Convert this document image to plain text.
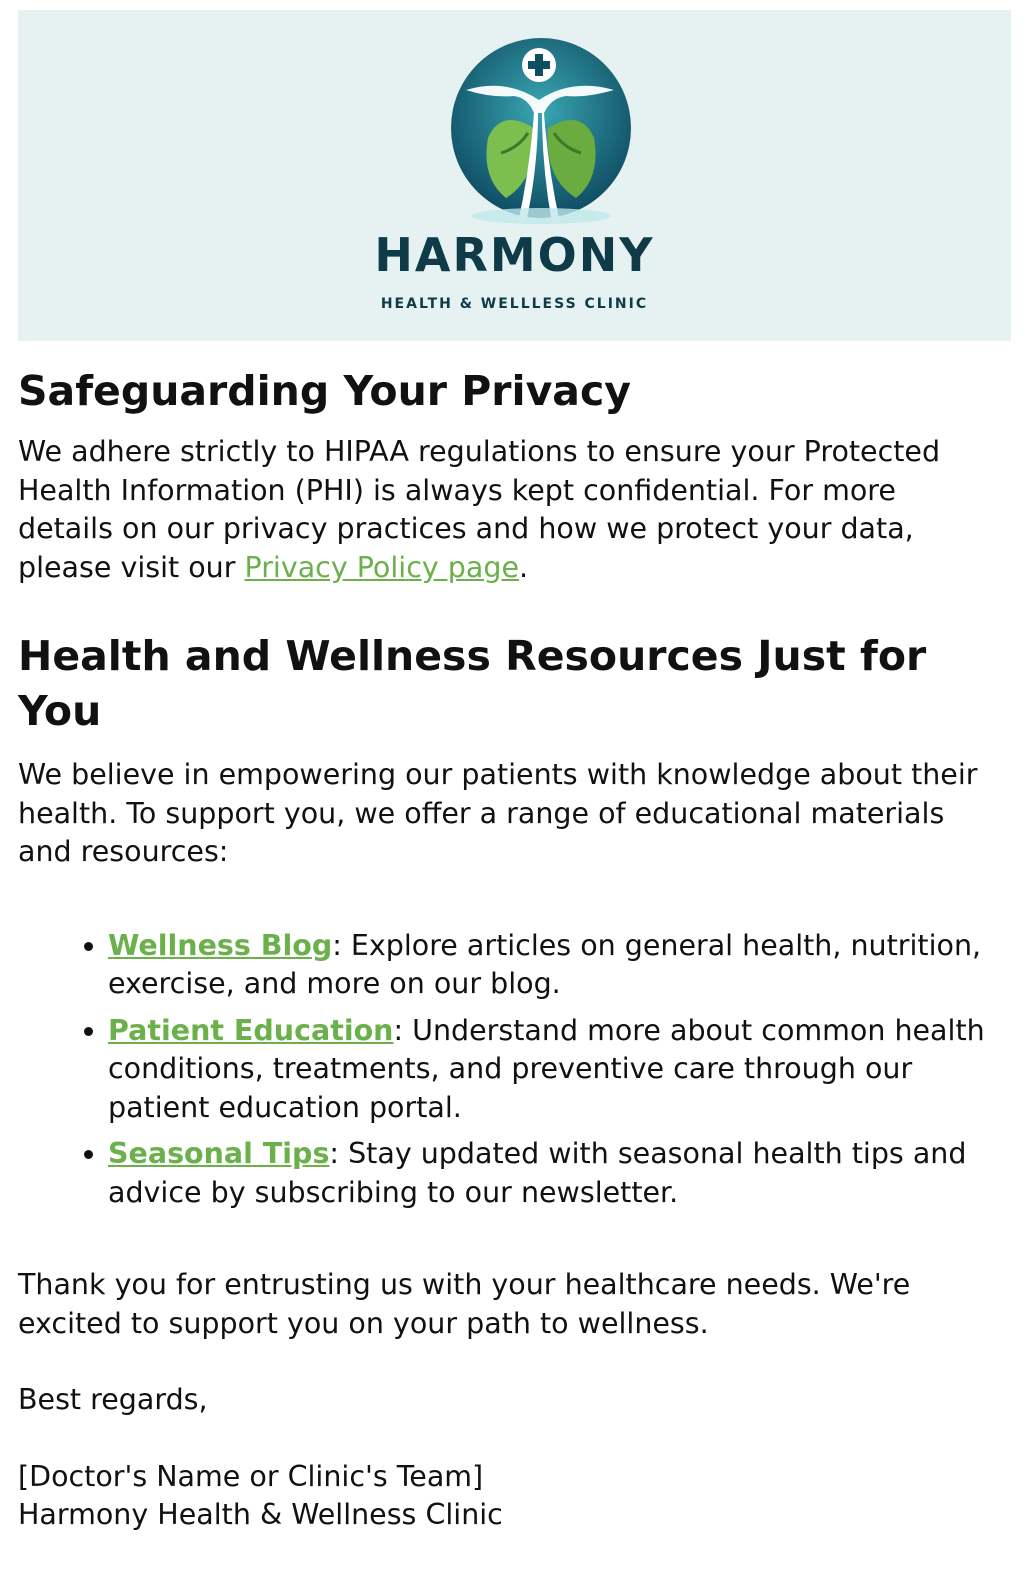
HARMONY
HEALTH & WELLLESS CLINIC
Safeguarding Your Privacy

We adhere strictly to HIPAA regulations to ensure your Protected Health Information (PHI) is always kept confidential. For more details on our privacy practices and how we protect your data, please visit our Privacy Policy page.

Health and Wellness Resources Just for You

We believe in empowering our patients with knowledge about their health. To support you, we offer a range of educational materials and resources:

• Wellness Blog: Explore articles on general health, nutrition, exercise, and more on our blog.
• Patient Education: Understand more about common health conditions, treatments, and preventive care through our patient education portal.
• Seasonal Tips: Stay updated with seasonal health tips and advice by subscribing to our newsletter.

Thank you for entrusting us with your healthcare needs. We're excited to support you on your path to wellness.

Best regards,

[Doctor's Name or Clinic's Team]
Harmony Health & Wellness Clinic
